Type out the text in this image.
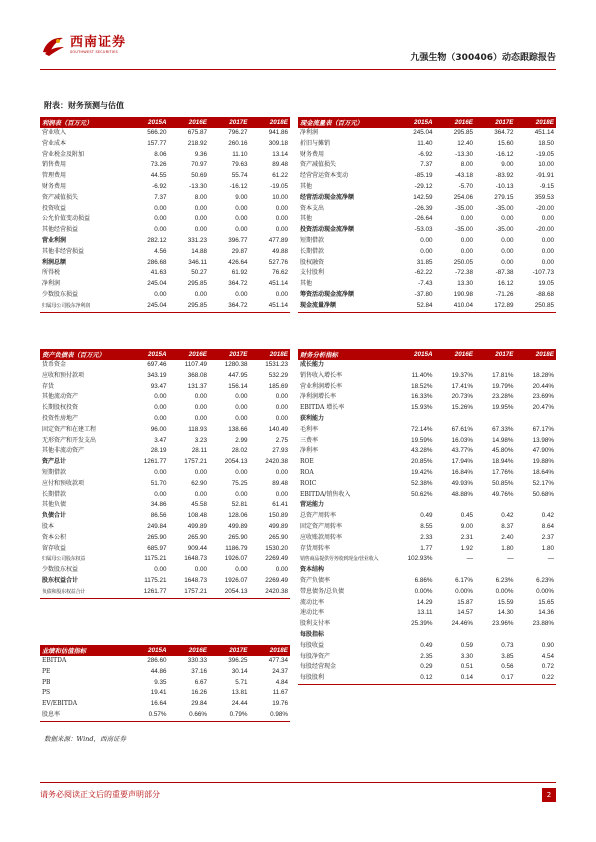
西南证券
SOUTHWEST SECURITIES
九强生物（300406）动态跟踪报告
附表：财务预测与估值
利润表（百万元）	2015A	2016E	2017E	2018E
营业收入	566.20	675.87	796.27	941.86
营业成本	157.77	218.92	260.16	309.18
营业税金及附加	8.06	9.36	11.10	13.14
销售费用	73.26	70.97	79.63	89.48
管理费用	44.55	50.69	55.74	61.22
财务费用	-6.92	-13.30	-16.12	-19.05
资产减值损失	7.37	8.00	9.00	10.00
投资收益	0.00	0.00	0.00	0.00
公允价值变动损益	0.00	0.00	0.00	0.00
其他经营损益	0.00	0.00	0.00	0.00
营业利润	282.12	331.23	396.77	477.89
其他非经营损益	4.56	14.88	29.87	49.88
利润总额	286.68	346.11	426.64	527.76
所得税	41.63	50.27	61.92	76.62
净利润	245.04	295.85	364.72	451.14
少数股东损益	0.00	0.00	0.00	0.00
归属母公司股东净利润	245.04	295.85	364.72	451.14
现金流量表（百万元）	2015A	2016E	2017E	2018E
净利润	245.04	295.85	364.72	451.14
折旧与摊销	11.40	12.40	15.60	18.50
财务费用	-6.92	-13.30	-16.12	-19.05
资产减值损失	7.37	8.00	9.00	10.00
经营营运资本变动	-85.19	-43.18	-83.92	-91.91
其他	-29.12	-5.70	-10.13	-9.15
经营活动现金流净额	142.59	254.06	279.15	359.53
资本支出	-26.39	-35.00	-35.00	-20.00
其他	-26.64	0.00	0.00	0.00
投资活动现金流净额	-53.03	-35.00	-35.00	-20.00
短期借款	0.00	0.00	0.00	0.00
长期借款	0.00	0.00	0.00	0.00
股权融资	31.85	250.05	0.00	0.00
支付股利	-62.22	-72.38	-87.38	-107.73
其他	-7.43	13.30	16.12	19.05
筹资活动现金流净额	-37.80	190.98	-71.26	-88.68
现金流量净额	52.84	410.04	172.89	250.85
资产负债表（百万元）	2015A	2016E	2017E	2018E
货币资金	697.46	1107.49	1280.38	1531.23
应收和预付款项	343.19	368.08	447.95	532.29
存货	93.47	131.37	156.14	185.69
其他流动资产	0.00	0.00	0.00	0.00
长期股权投资	0.00	0.00	0.00	0.00
投资性房地产	0.00	0.00	0.00	0.00
固定资产和在建工程	96.00	118.93	138.66	140.49
无形资产和开发支出	3.47	3.23	2.99	2.75
其他非流动资产	28.19	28.11	28.02	27.93
资产总计	1261.77	1757.21	2054.13	2420.38
短期借款	0.00	0.00	0.00	0.00
应付和预收款项	51.70	62.90	75.25	89.48
长期借款	0.00	0.00	0.00	0.00
其他负债	34.86	45.58	52.81	61.41
负债合计	86.56	108.48	128.06	150.89
股本	249.84	499.89	499.89	499.89
资本公积	265.90	265.90	265.90	265.90
留存收益	685.97	909.44	1186.79	1530.20
归属母公司股东权益	1175.21	1648.73	1926.07	2269.49
少数股东权益	0.00	0.00	0.00	0.00
股东权益合计	1175.21	1648.73	1926.07	2269.49
负债和股东权益合计	1261.77	1757.21	2054.13	2420.38
财务分析指标	2015A	2016E	2017E	2018E
成长能力				
销售收入增长率	11.40%	19.37%	17.81%	18.28%
营业利润增长率	18.52%	17.41%	19.79%	20.44%
净利润增长率	16.33%	20.73%	23.28%	23.69%
EBITDA 增长率	15.93%	15.26%	19.95%	20.47%
获利能力				
毛利率	72.14%	67.61%	67.33%	67.17%
三费率	19.59%	16.03%	14.98%	13.98%
净利率	43.28%	43.77%	45.80%	47.90%
ROE	20.85%	17.94%	18.94%	19.88%
ROA	19.42%	16.84%	17.76%	18.64%
ROIC	52.38%	49.93%	50.85%	52.17%
EBITDA/销售收入	50.62%	48.88%	49.76%	50.68%
营运能力				
总资产周转率	0.49	0.45	0.42	0.42
固定资产周转率	8.55	9.00	8.37	8.64
应收账款周转率	2.33	2.31	2.40	2.37
存货周转率	1.77	1.92	1.80	1.80
销售商品提供劳务收到现金/营业收入	102.93%	—	—	—
资本结构				
资产负债率	6.86%	6.17%	6.23%	6.23%
带息债务/总负债	0.00%	0.00%	0.00%	0.00%
流动比率	14.29	15.87	15.59	15.65
速动比率	13.11	14.57	14.30	14.36
股利支付率	25.39%	24.46%	23.96%	23.88%
每股指标				
每股收益	0.49	0.59	0.73	0.90
每股净资产	2.35	3.30	3.85	4.54
每股经营现金	0.29	0.51	0.56	0.72
每股股利	0.12	0.14	0.17	0.22
业绩和估值指标	2015A	2016E	2017E	2018E
EBITDA	286.60	330.33	396.25	477.34
PE	44.86	37.16	30.14	24.37
PB	9.35	6.67	5.71	4.84
PS	19.41	16.26	13.81	11.67
EV/EBITDA	16.64	29.84	24.44	19.76
股息率	0.57%	0.66%	0.79%	0.98%
数据来源：Wind，西南证券
请务必阅读正文后的重要声明部分	2
